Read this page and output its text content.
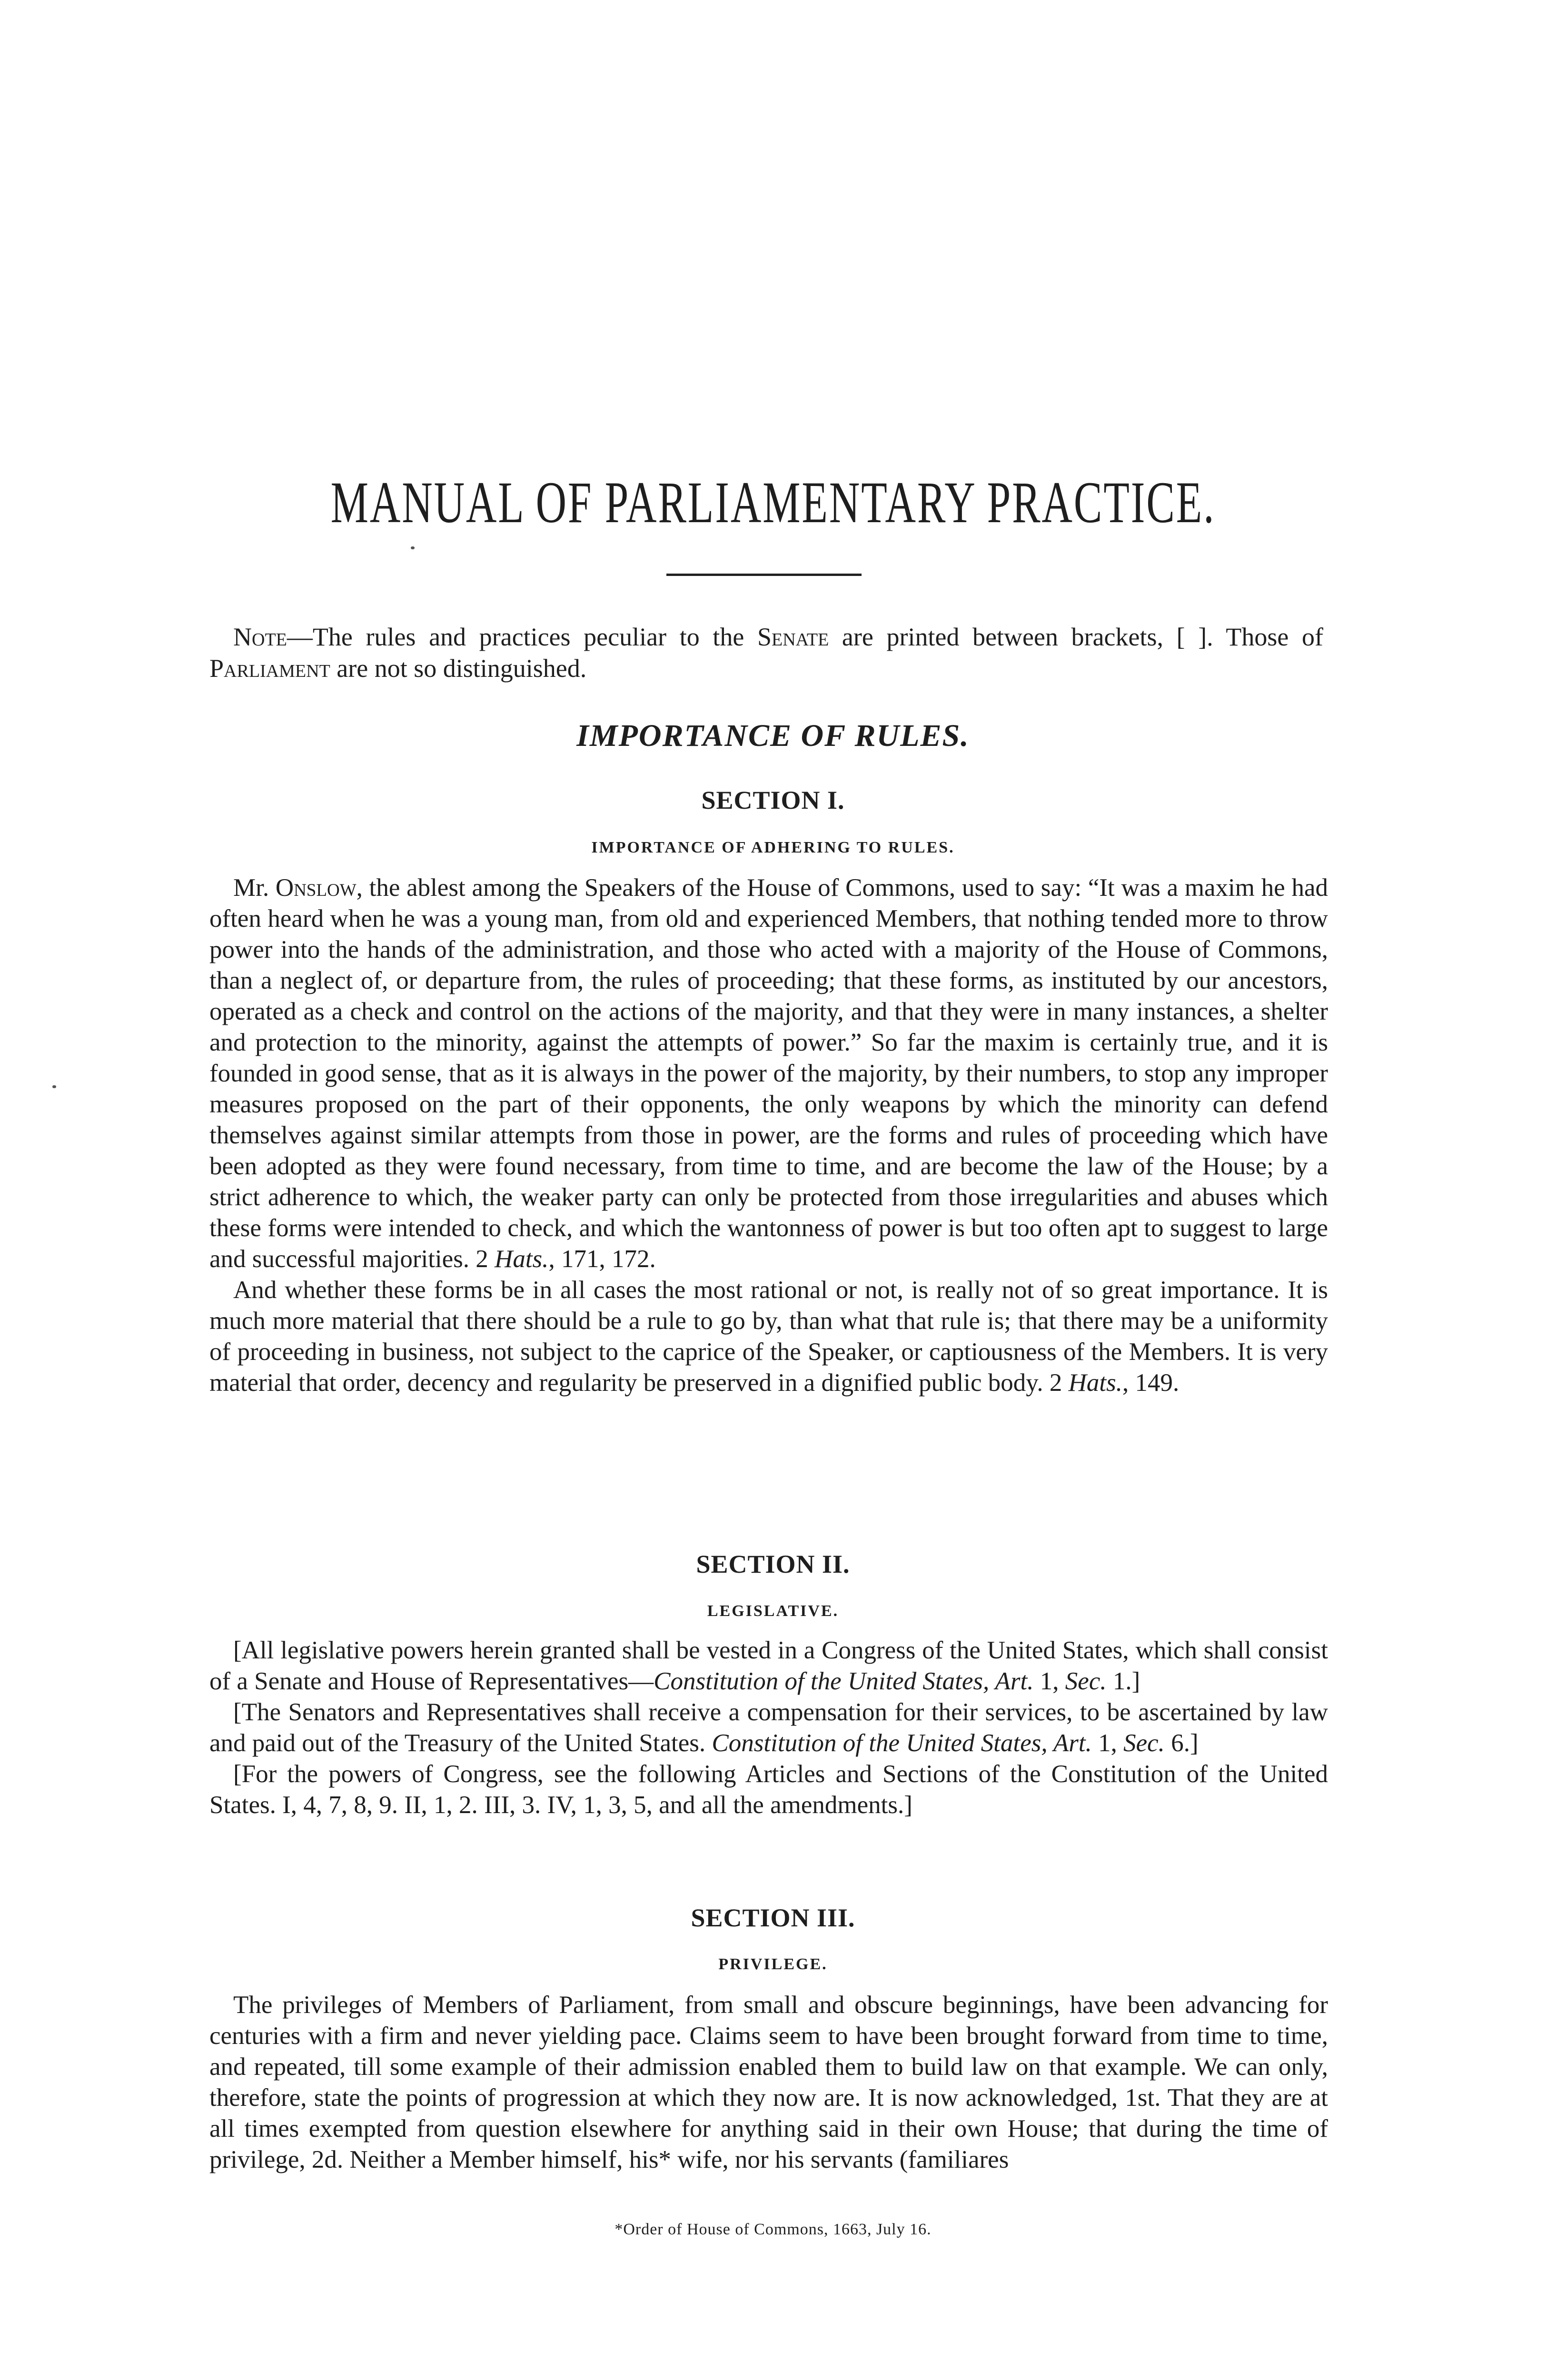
MANUAL OF PARLIAMENTARY PRACTICE.

Note—The rules and practices peculiar to the Senate are printed between brackets, [ ]. Those of Parliament are not so distinguished.

IMPORTANCE OF RULES.
SECTION I.
IMPORTANCE OF ADHERING TO RULES.

Mr. Onslow, the ablest among the Speakers of the House of Commons, used to say: “It was a maxim he had often heard when he was a young man, from old and experienced Members, that nothing tended more to throw power into the hands of the administration, and those who acted with a majority of the House of Commons, than a neglect of, or departure from, the rules of proceeding; that these forms, as instituted by our ancestors, operated as a check and control on the actions of the majority, and that they were in many instances, a shelter and protection to the minority, against the attempts of power.” So far the maxim is certainly true, and it is founded in good sense, that as it is always in the power of the majority, by their numbers, to stop any improper measures proposed on the part of their opponents, the only weapons by which the minority can defend themselves against similar attempts from those in power, are the forms and rules of proceeding which have been adopted as they were found necessary, from time to time, and are become the law of the House; by a strict adherence to which, the weaker party can only be protected from those irregularities and abuses which these forms were intended to check, and which the wantonness of power is but too often apt to suggest to large and successful majorities. 2 Hats., 171, 172.

And whether these forms be in all cases the most rational or not, is really not of so great importance. It is much more material that there should be a rule to go by, than what that rule is; that there may be a uniformity of proceeding in business, not subject to the caprice of the Speaker, or captiousness of the Members. It is very material that order, decency and regularity be preserved in a dignified public body. 2 Hats., 149.

SECTION II.
LEGISLATIVE.

[All legislative powers herein granted shall be vested in a Congress of the United States, which shall consist of a Senate and House of Representatives—Constitution of the United States, Art. 1, Sec. 1.]

[The Senators and Representatives shall receive a compensation for their services, to be ascertained by law and paid out of the Treasury of the United States. Constitution of the United States, Art. 1, Sec. 6.]

[For the powers of Congress, see the following Articles and Sections of the Constitution of the United States. I, 4, 7, 8, 9. II, 1, 2. III, 3. IV, 1, 3, 5, and all the amendments.]

SECTION III.
PRIVILEGE.

The privileges of Members of Parliament, from small and obscure beginnings, have been advancing for centuries with a firm and never yielding pace. Claims seem to have been brought forward from time to time, and repeated, till some example of their admission enabled them to build law on that example. We can only, therefore, state the points of progression at which they now are. It is now acknowledged, 1st. That they are at all times exempted from question elsewhere for anything said in their own House; that during the time of privilege, 2d. Neither a Member himself, his* wife, nor his servants (familiares

*Order of House of Commons, 1663, July 16.
